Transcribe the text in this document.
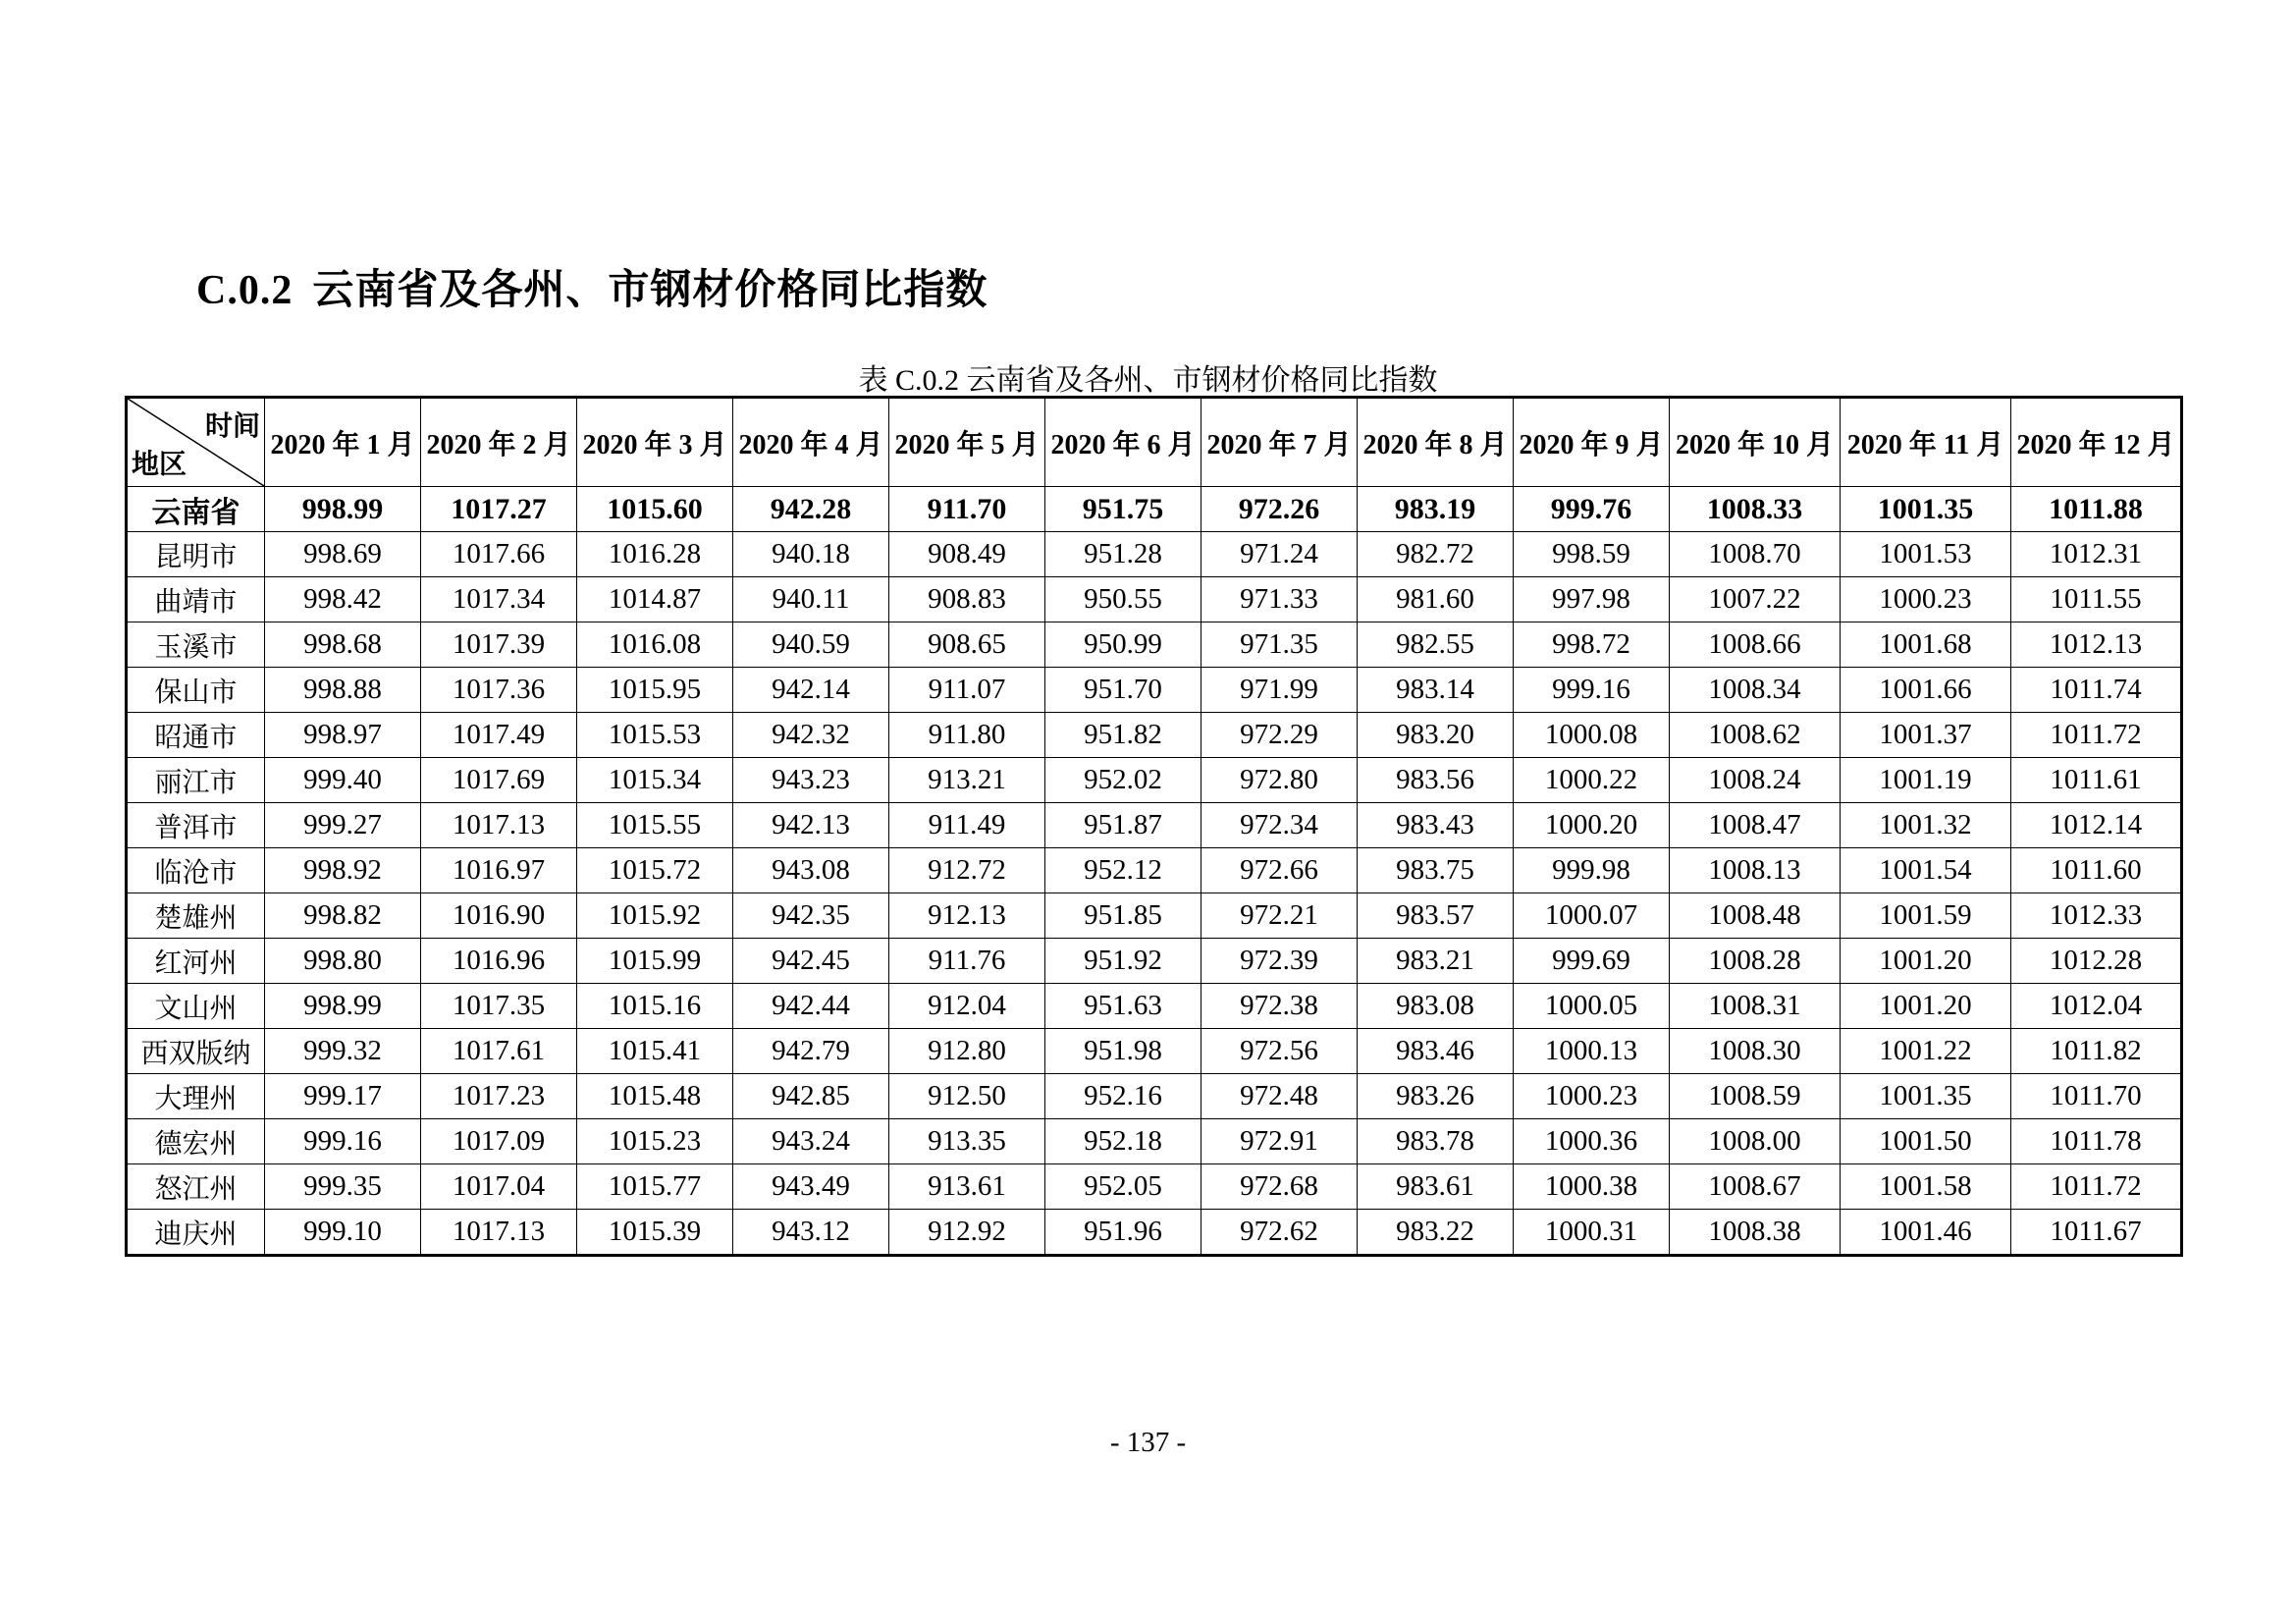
C.0.2 云南省及各州、市钢材价格同比指数
表 C.0.2 云南省及各州、市钢材价格同比指数
时间
地区	2020 年 1 月	2020 年 2 月	2020 年 3 月	2020 年 4 月	2020 年 5 月	2020 年 6 月	2020 年 7 月	2020 年 8 月	2020 年 9 月	2020 年 10 月	2020 年 11 月	2020 年 12 月
云南省	998.99	1017.27	1015.60	942.28	911.70	951.75	972.26	983.19	999.76	1008.33	1001.35	1011.88
昆明市	998.69	1017.66	1016.28	940.18	908.49	951.28	971.24	982.72	998.59	1008.70	1001.53	1012.31
曲靖市	998.42	1017.34	1014.87	940.11	908.83	950.55	971.33	981.60	997.98	1007.22	1000.23	1011.55
玉溪市	998.68	1017.39	1016.08	940.59	908.65	950.99	971.35	982.55	998.72	1008.66	1001.68	1012.13
保山市	998.88	1017.36	1015.95	942.14	911.07	951.70	971.99	983.14	999.16	1008.34	1001.66	1011.74
昭通市	998.97	1017.49	1015.53	942.32	911.80	951.82	972.29	983.20	1000.08	1008.62	1001.37	1011.72
丽江市	999.40	1017.69	1015.34	943.23	913.21	952.02	972.80	983.56	1000.22	1008.24	1001.19	1011.61
普洱市	999.27	1017.13	1015.55	942.13	911.49	951.87	972.34	983.43	1000.20	1008.47	1001.32	1012.14
临沧市	998.92	1016.97	1015.72	943.08	912.72	952.12	972.66	983.75	999.98	1008.13	1001.54	1011.60
楚雄州	998.82	1016.90	1015.92	942.35	912.13	951.85	972.21	983.57	1000.07	1008.48	1001.59	1012.33
红河州	998.80	1016.96	1015.99	942.45	911.76	951.92	972.39	983.21	999.69	1008.28	1001.20	1012.28
文山州	998.99	1017.35	1015.16	942.44	912.04	951.63	972.38	983.08	1000.05	1008.31	1001.20	1012.04
西双版纳	999.32	1017.61	1015.41	942.79	912.80	951.98	972.56	983.46	1000.13	1008.30	1001.22	1011.82
大理州	999.17	1017.23	1015.48	942.85	912.50	952.16	972.48	983.26	1000.23	1008.59	1001.35	1011.70
德宏州	999.16	1017.09	1015.23	943.24	913.35	952.18	972.91	983.78	1000.36	1008.00	1001.50	1011.78
怒江州	999.35	1017.04	1015.77	943.49	913.61	952.05	972.68	983.61	1000.38	1008.67	1001.58	1011.72
迪庆州	999.10	1017.13	1015.39	943.12	912.92	951.96	972.62	983.22	1000.31	1008.38	1001.46	1011.67
- 137 -
